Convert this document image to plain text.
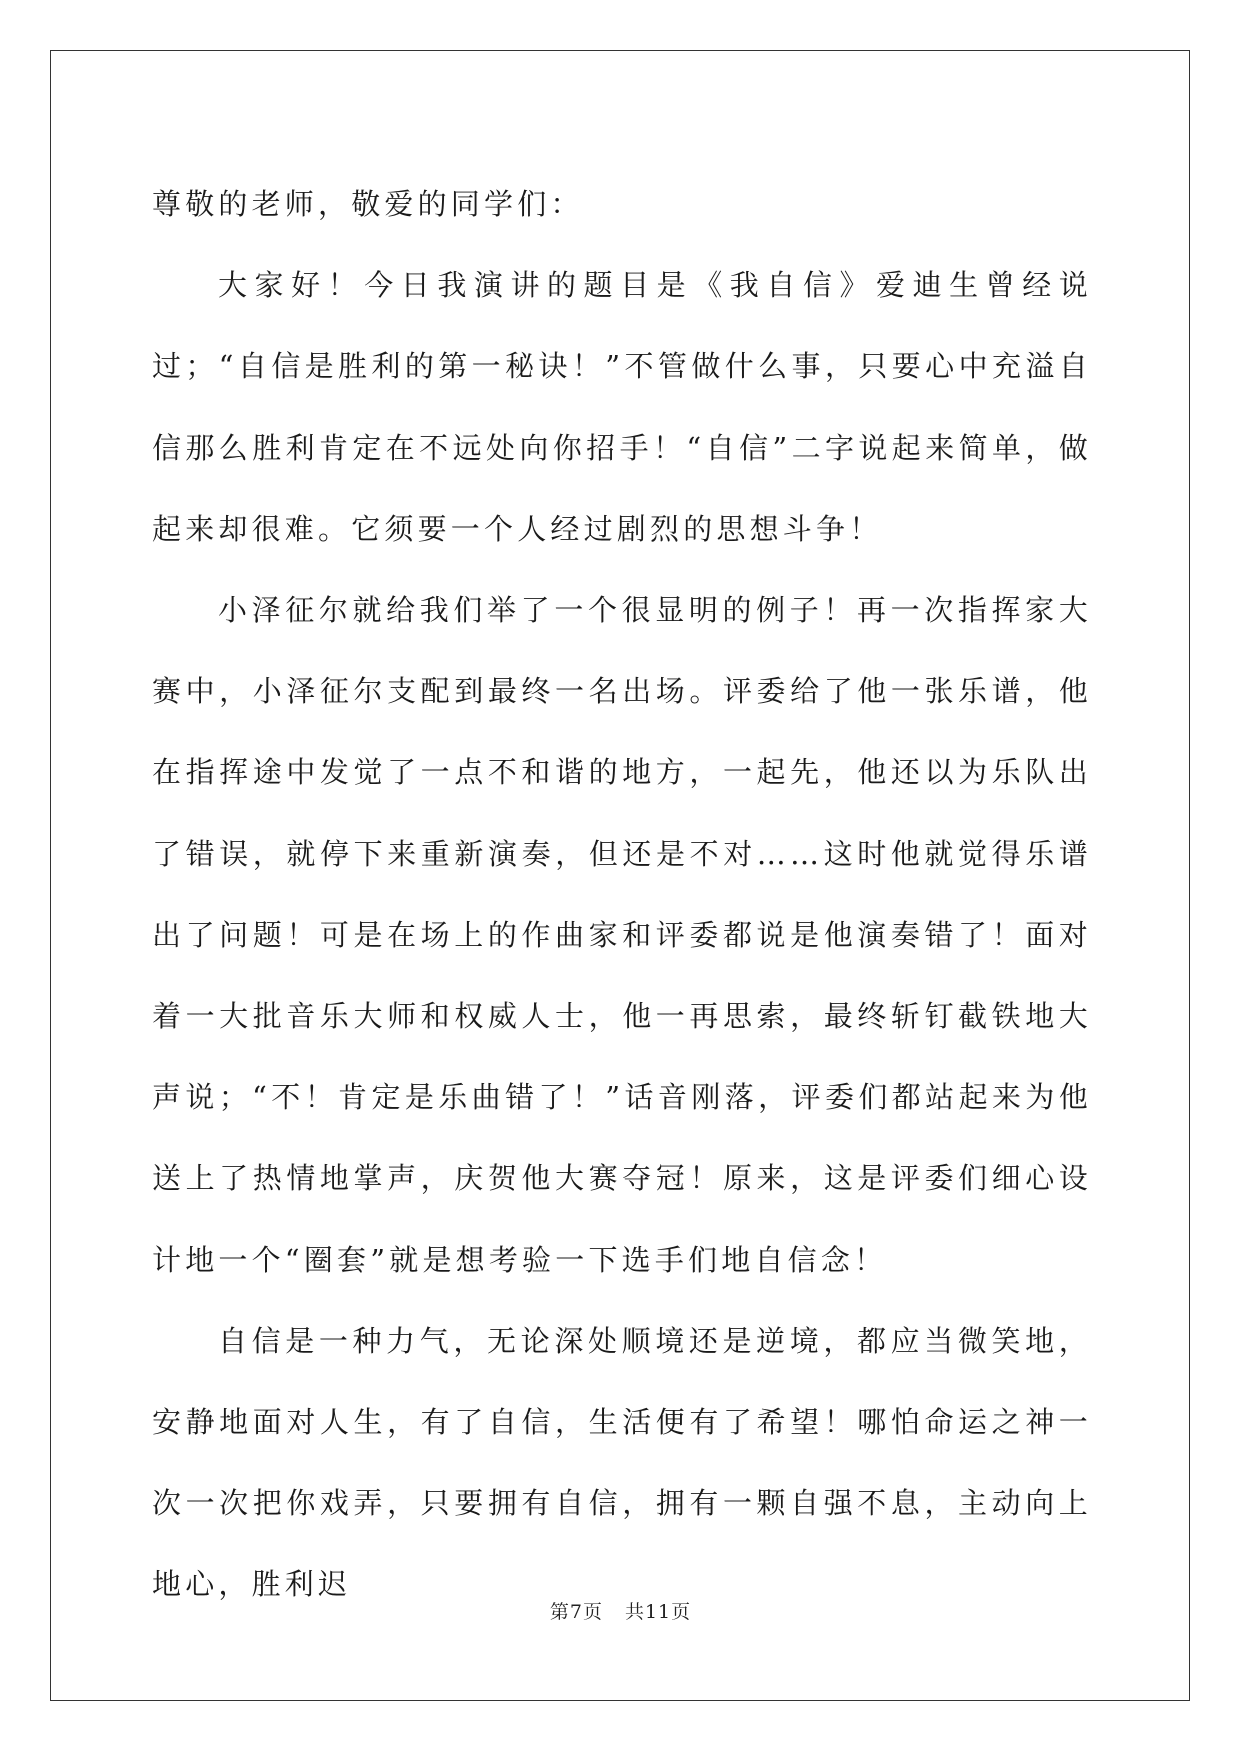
尊敬的老师，敬爱的同学们：

大家好！今日我演讲的题目是《我自信》爱迪生曾经说过；“自信是胜利的第一秘诀！”不管做什么事，只要心中充溢自信那么胜利肯定在不远处向你招手！“自信”二字说起来简单，做起来却很难。它须要一个人经过剧烈的思想斗争！

小泽征尔就给我们举了一个很显明的例子！再一次指挥家大赛中，小泽征尔支配到最终一名出场。评委给了他一张乐谱，他在指挥途中发觉了一点不和谐的地方，一起先，他还以为乐队出了错误，就停下来重新演奏，但还是不对……这时他就觉得乐谱出了问题！可是在场上的作曲家和评委都说是他演奏错了！面对着一大批音乐大师和权威人士，他一再思索，最终斩钉截铁地大声说；“不！肯定是乐曲错了！”话音刚落，评委们都站起来为他送上了热情地掌声，庆贺他大赛夺冠！原来，这是评委们细心设计地一个“圈套”就是想考验一下选手们地自信念！

自信是一种力气，无论深处顺境还是逆境，都应当微笑地，安静地面对人生，有了自信，生活便有了希望！哪怕命运之神一次一次把你戏弄，只要拥有自信，拥有一颗自强不息，主动向上地心，胜利迟

第7页 共11页
